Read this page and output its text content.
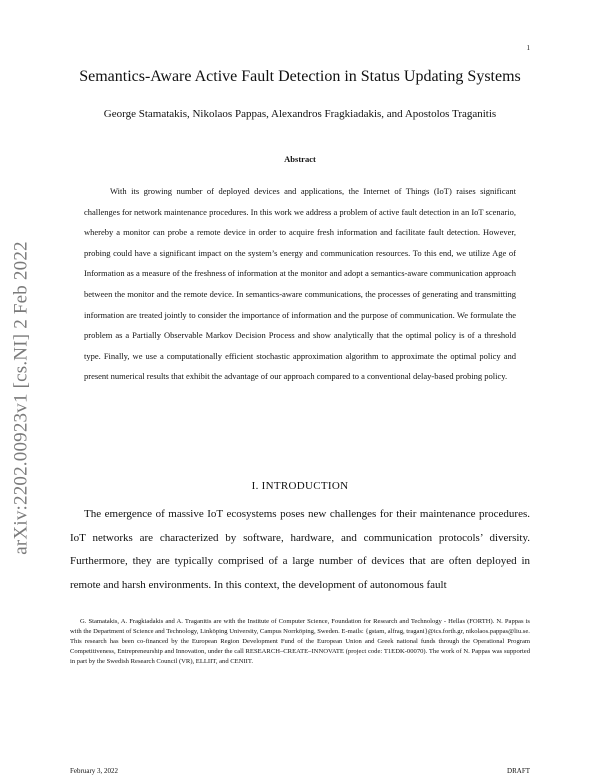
1
arXiv:2202.00923v1 [cs.NI] 2 Feb 2022
Semantics-Aware Active Fault Detection in Status Updating Systems
George Stamatakis, Nikolaos Pappas, Alexandros Fragkiadakis, and Apostolos Traganitis
Abstract

With its growing number of deployed devices and applications, the Internet of Things (IoT) raises significant challenges for network maintenance procedures. In this work we address a problem of active fault detection in an IoT scenario, whereby a monitor can probe a remote device in order to acquire fresh information and facilitate fault detection. However, probing could have a significant impact on the system’s energy and communication resources. To this end, we utilize Age of Information as a measure of the freshness of information at the monitor and adopt a semantics-aware communication approach between the monitor and the remote device. In semantics-aware communications, the processes of generating and transmitting information are treated jointly to consider the importance of information and the purpose of communication. We formulate the problem as a Partially Observable Markov Decision Process and show analytically that the optimal policy is of a threshold type. Finally, we use a computationally efficient stochastic approximation algorithm to approximate the optimal policy and present numerical results that exhibit the advantage of our approach compared to a conventional delay-based probing policy.

I. INTRODUCTION

The emergence of massive IoT ecosystems poses new challenges for their maintenance procedures. IoT networks are characterized by software, hardware, and communication protocols’ diversity. Furthermore, they are typically comprised of a large number of devices that are often deployed in remote and harsh environments. In this context, the development of autonomous fault

G. Stamatakis, A. Fragkiadakis and A. Traganitis are with the Institute of Computer Science, Foundation for Research and Technology - Hellas (FORTH). N. Pappas is with the Department of Science and Technology, Linköping University, Campus Norrköping, Sweden. E-mails: {gstam, alfrag, tragani}@ics.forth.gr, nikolaos.pappas@liu.se.

This research has been co-financed by the European Region Development Fund of the European Union and Greek national funds through the Operational Program Competitiveness, Entrepreneurship and Innovation, under the call RESEARCH–CREATE–INNOVATE (project code: T1EDK-00070). The work of N. Pappas was supported in part by the Swedish Research Council (VR), ELLIIT, and CENIIT.

February 3, 2022	DRAFT
